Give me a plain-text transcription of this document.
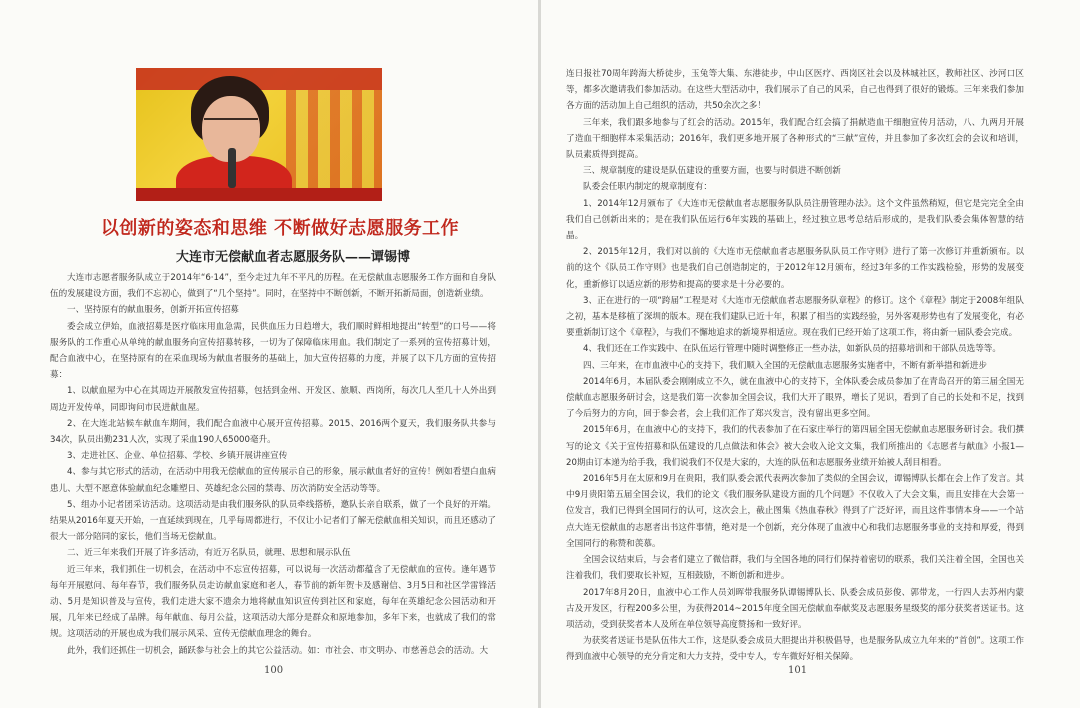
以创新的姿态和思维 不断做好志愿服务工作
大连市无偿献血者志愿服务队——谭锡博

大连市志愿者服务队成立于2014年“6·14”，至今走过九年不平凡的历程。在无偿献血志愿服务工作方面和自身队伍的发展建设方面，我们不忘初心，做到了“几个坚持”。同时，在坚持中不断创新，不断开拓新局面，创造新业绩。

一、坚持原有的献血服务，创新开拓宣传招募

委会成立伊始，血液招募是医疗临床用血急需，民供血压力日趋增大，我们顺时鲜相地提出“转型”的口号——将服务队的工作重心从单纯的献血服务向宣传招募转移，一切为了保障临床用血。我们制定了一系列的宣传招募计划，配合血液中心，在坚持原有的在采血现场为献血者服务的基础上，加大宣传招募的力度，并展了以下几方面的宣传招募：

1、以献血屋为中心在其周边开展散发宣传招募，包括到金州、开发区、旅顺、西岗所，每次几人至几十人外出到周边开发传单，同即询问市民进献血屋。

2、在大连北站候车献血车期间，我们配合血液中心展开宣传招募。2015、2016两个夏天，我们服务队共参与34次，队员出勤231人次，实现了采血190人65000毫升。

3、走进社区、企业、单位招募、学校、乡镇开展讲座宣传

4、参与其它形式的活动，在活动中用我无偿献血的宣传展示自己的形象，展示献血者好的宣传！例如看望白血病患儿、大型不愿意体验献血纪念雕塑日、英雄纪念公园的禁毒、历次消防安全活动等等。

5、组办小记者团采访活动。这项活动是由我们服务队的队员牵线搭桥，邀队长亲自联系，做了一个良好的开端。结果从2016年夏天开始，一直延续到现在，几乎每周都进行，不仅让小记者们了解无偿献血相关知识，而且还感动了很大一部分陪同的家长，他们当场无偿献血。

二、近三年来我们开展了许多活动，有近万名队员，就理、思想和展示队伍

近三年来，我们抓住一切机会，在活动中不忘宣传招募，可以说每一次活动都蕴含了无偿献血的宣传。逢年遇节每年开展慰问、每年春节，我们服务队员走访献血家庭和老人，春节前的新年贺卡及感谢信、3月5日和社区学雷锋活动、5月是知识普及与宣传，我们走进大家不遗余力地将献血知识宣传到社区和家庭，每年在英雄纪念公园活动和开展，几年来已经成了品牌。每年献血、每月公益，这项活动大部分是群众和原地参加，多年下来，也就成了我们的常规。这项活动的开展也成为我们展示风采、宣传无偿献血理念的舞台。

此外，我们还抓住一切机会，踊跃参与社会上的其它公益活动。如：市社会、市文明办、市慈善总会的活动。大

100

连日报社70周年跨海大桥徒步，玉兔等大集、东港徒步，中山区医疗、西岗区社会以及林城社区，教师社区、沙河口区等，都多次邀请我们参加活动。在这些大型活动中，我们展示了自己的风采，自己也得到了很好的锻炼。三年来我们参加各方面的活动加上自己组织的活动，共50余次之多！

三年来，我们跟多地参与了红会的活动。2015年，我们配合红会搞了捐献造血干细胞宣传月活动，八、九两月开展了造血干细胞样本采集活动；2016年，我们更多地开展了各种形式的“三献”宣传，并且参加了多次红会的会议和培训，队员素质得到提高。

三、规章制度的建设是队伍建设的重要方面，也要与时俱进不断创新

队委会任职内制定的规章制度有：

1、2014年12月颁布了《大连市无偿献血者志愿服务队队员注册管理办法》。这个文件虽然稍短，但它是完完全全由我们自己创新出来的；是在我们队伍运行6年实践的基础上，经过独立思考总结后形成的，是我们队委会集体智慧的结晶。

2、2015年12月，我们对以前的《大连市无偿献血者志愿服务队队员工作守则》进行了第一次修订并重新颁布。以前的这个《队员工作守则》也是我们自己创造制定的，于2012年12月颁布，经过3年多的工作实践检验，形势的发展变化，重新修订以适应新的形势和提高的要求是十分必要的。

3、正在进行的一项“跨届”工程是对《大连市无偿献血者志愿服务队章程》的修订。这个《章程》制定于2008年组队之初，基本是移植了深圳的版本。现在我们建队已近十年，积累了相当的实践经验，另外客观形势也有了发展变化，有必要重新制订这个《章程》，与我们不懈地追求的新境界相适应。现在我们已经开始了这项工作，将由新一届队委会完成。

4、我们还在工作实践中、在队伍运行管理中随时调整修正一些办法，如新队员的招募培训和干部队员选等等。

四、三年来，在市血液中心的支持下，我们顺入全国的无偿献血志愿服务实施者中，不断有新举措和新进步

2014年6月，本届队委会刚刚成立不久，就在血液中心的支持下，全体队委会成员参加了在青岛召开的第三届全国无偿献血志愿服务研讨会，这是我们第一次参加全国会议，我们大开了眼界，增长了见识，看到了自己的长处和不足，找到了今后努力的方向，回于参会者，会上我们汇作了郑兴发言，没有留出更多空间。

2015年6月，在血液中心的支持下，我们的代表参加了在石家庄举行的第四届全国无偿献血志愿服务研讨会。我们撰写的论文《关于宣传招募和队伍建设的几点做法和体会》被大会收入论文文集，我们所推出的《志愿者与献血》小报1—20期由订本递为给手我，我们说我们不仅是大家的，大连的队伍和志愿服务业绩开始被人刮目相看。

2016年5月在太原和9月在贵阳，我们队委会派代表两次参加了类似的全国会议，谭锡博队长都在会上作了发言。其中9月贵阳第五届全国会议，我们的论文《我们服务队建设方面的几个问题》不仅收入了大会文集，而且安排在大会第一位发言，我们已得到全国同行的认可，这次会上，截止图集《热血春秋》得到了广泛好评，而且这件事情本身——一个站点大连无偿献血的志愿者出书这件事情，绝对是一个创新，充分体现了血液中心和我们志愿服务事业的支持和厚爱，得到全国同行的称赞和羡慕。

全国会议结束后，与会者们建立了微信群，我们与全国各地的同行们保持着密切的联系，我们关注着全国，全国也关注着我们，我们要取长补短，互相鼓励，不断创新和进步。

2017年8月20日，血液中心工作人员刘晖带我服务队谭锡博队长、队委会成员彭俊、郭带龙，一行四人去苏州内蒙古及开发区，行程200多公里，为获得2014~2015年度全国无偿献血奉献奖及志愿服务星级奖的部分获奖者送证书。这项活动，受到获奖者本人及所在单位领导高度赞扬和一致好评。

为获奖者送证书是队伍伟大工作，这是队委会成员大胆提出并积极倡导，也是服务队成立九年来的“首创”。这项工作得到血液中心领导的充分肯定和大力支持，受中专人，专车微好好相关保障。

101
